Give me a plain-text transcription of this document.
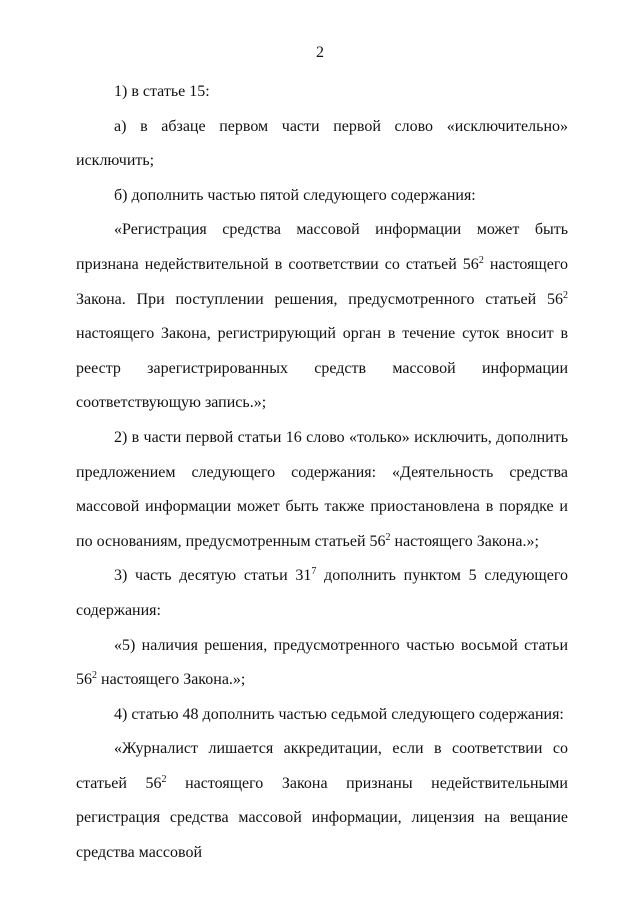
2

1) в статье 15:

а) в абзаце первом части первой слово «исключительно» исключить;

б) дополнить частью пятой следующего содержания:

«Регистрация средства массовой информации может быть признана недействительной в соответствии со статьей $56^2$ настоящего Закона. При поступлении решения, предусмотренного статьей $56^2$ настоящего Закона, регистрирующий орган в течение суток вносит в реестр зарегистрированных средств массовой информации соответствующую запись.»;

2) в части первой статьи 16 слово «только» исключить, дополнить предложением следующего содержания: «Деятельность средства массовой информации может быть также приостановлена в порядке и по основаниям, предусмотренным статьей $56^2$ настоящего Закона.»;

3) часть десятую статьи $31^7$ дополнить пунктом 5 следующего содержания:

«5) наличия решения, предусмотренного частью восьмой статьи $56^2$ настоящего Закона.»;

4) статью 48 дополнить частью седьмой следующего содержания:

«Журналист лишается аккредитации, если в соответствии со статьей $56^2$ настоящего Закона признаны недействительными регистрация средства массовой информации, лицензия на вещание средства массовой
